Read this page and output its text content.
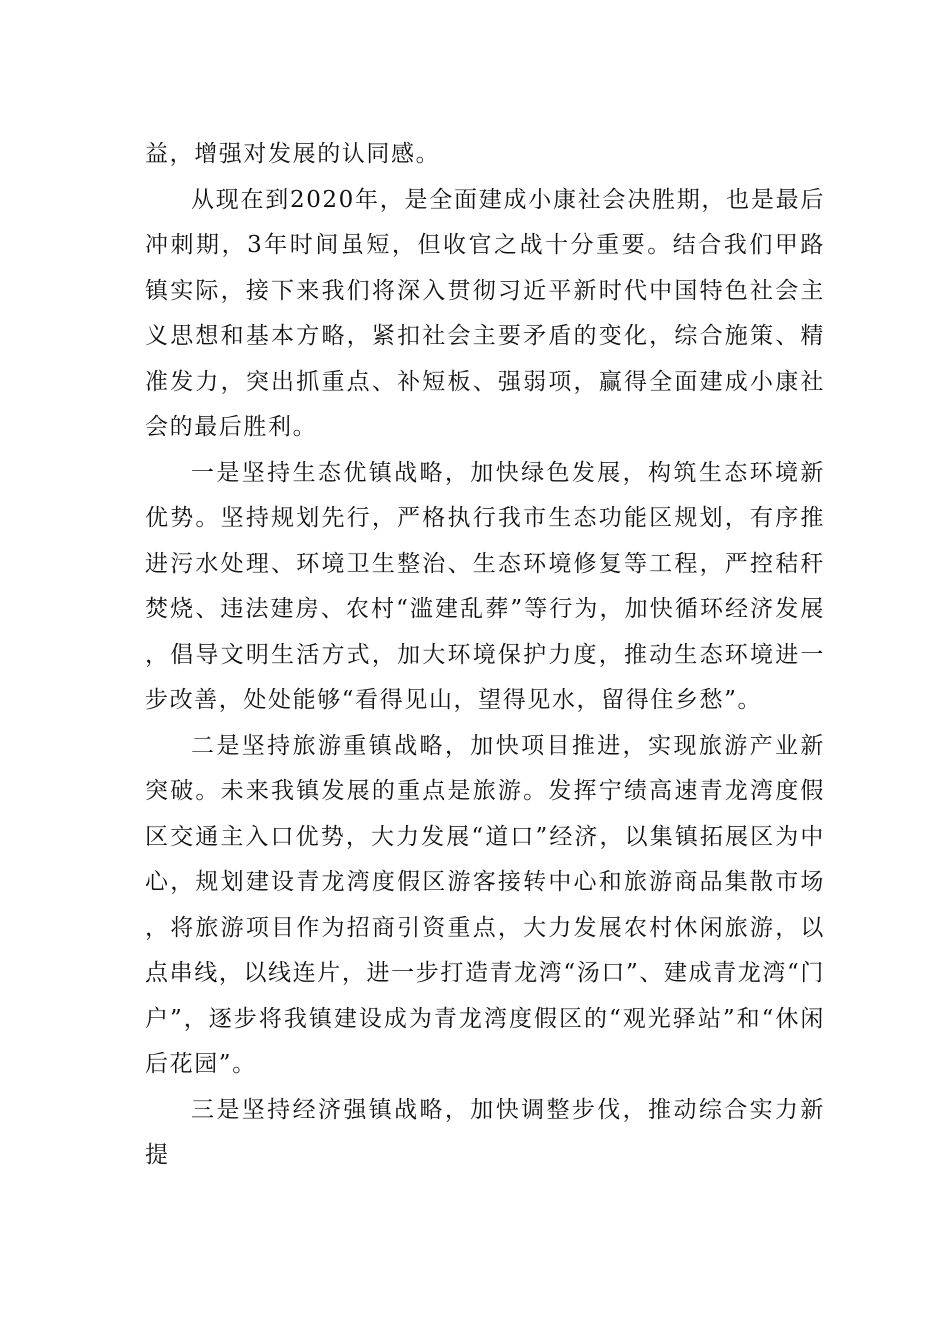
益，增强对发展的认同感。

从现在到2020年，是全面建成小康社会决胜期，也是最后冲刺期，3年时间虽短，但收官之战十分重要。结合我们甲路镇实际，接下来我们将深入贯彻习近平新时代中国特色社会主义思想和基本方略，紧扣社会主要矛盾的变化，综合施策、精准发力，突出抓重点、补短板、强弱项，赢得全面建成小康社会的最后胜利。

一是坚持生态优镇战略，加快绿色发展，构筑生态环境新优势。坚持规划先行，严格执行我市生态功能区规划，有序推进污水处理、环境卫生整治、生态环境修复等工程，严控秸秆焚烧、违法建房、农村“滥建乱葬”等行为，加快循环经济发展，倡导文明生活方式，加大环境保护力度，推动生态环境进一步改善，处处能够“看得见山，望得见水，留得住乡愁”。

二是坚持旅游重镇战略，加快项目推进，实现旅游产业新突破。未来我镇发展的重点是旅游。发挥宁绩高速青龙湾度假区交通主入口优势，大力发展“道口”经济，以集镇拓展区为中心，规划建设青龙湾度假区游客接转中心和旅游商品集散市场，将旅游项目作为招商引资重点，大力发展农村休闲旅游，以点串线，以线连片，进一步打造青龙湾“汤口”、建成青龙湾“门户”，逐步将我镇建设成为青龙湾度假区的“观光驿站”和“休闲后花园”。

三是坚持经济强镇战略，加快调整步伐，推动综合实力新提
